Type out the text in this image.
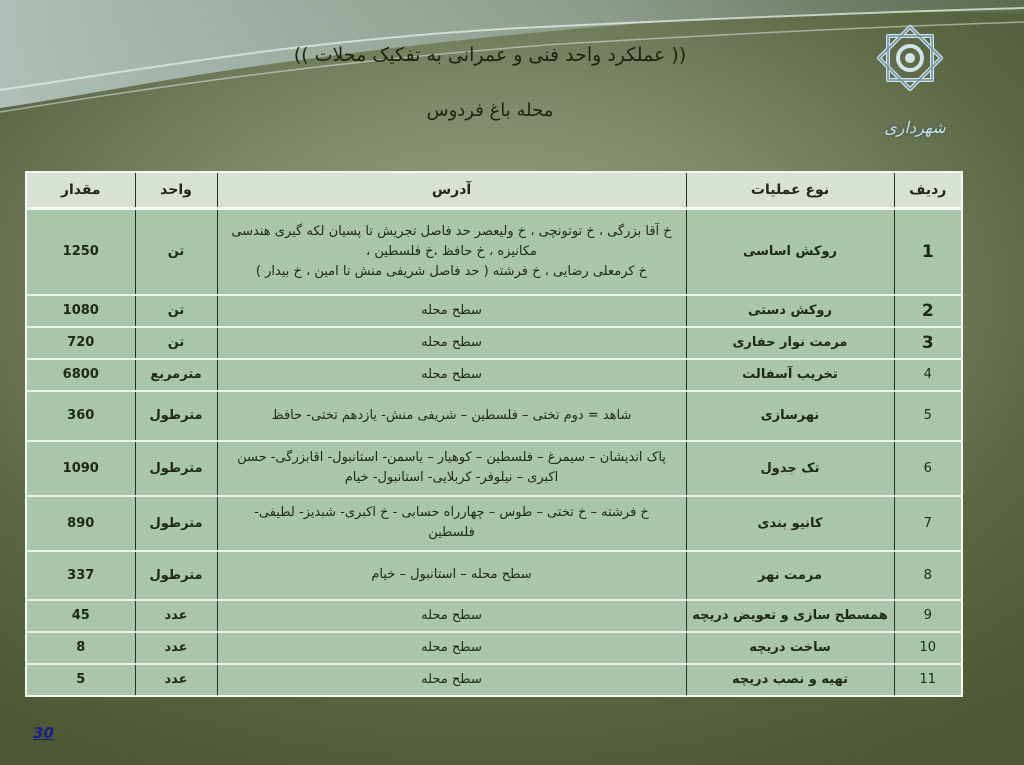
(( عملکرد واحد فنی و عمرانی به تفکیک محلات ))
محله باغ فردوس
شهرداری
ردیف	نوع عملیات	آدرس	واحد	مقدار
1	روکش اساسی	خ آقا بزرگی ، خ توتونچی ، خ ولیعصر حد فاصل تجریش تا پسیان لکه گیری هندسی
مکانیزه ، خ حافظ ،خ فلسطین ،
خ کرمعلی رضایی ، خ فرشته ( حد فاصل شریفی منش تا امین ، خ بیدار )	تن	1250
2	روکش دستی	سطح محله	تن	1080
3	مرمت نوار حفاری	سطح محله	تن	720
4	تخریب آسفالت	سطح محله	مترمربع	6800
5	نهرسازی	شاهد = دوم تختی – فلسطین – شریفی منش- یازدهم تختی- حافظ	مترطول	360
6	تک جدول	پاک اندیشان – سیمرغ – فلسطین – کوهیار – یاسمن- استانبول- اقابزرگی- حسن
اکبری – نیلوفر- کربلایی- استانبول- خیام	مترطول	1090
7	کانیو بندی	خ فرشته – خ تختی – طوس – چهارراه حسابی - خ اکبری- شبدیز- لطیفی-
فلسطین	مترطول	890
8	مرمت نهر	سطح محله – استانبول – خیام	مترطول	337
9	همسطح سازی و تعویض دریچه	سطح محله	عدد	45
10	ساخت دریچه	سطح محله	عدد	8
11	تهیه و نصب دریچه	سطح محله	عدد	5
30
